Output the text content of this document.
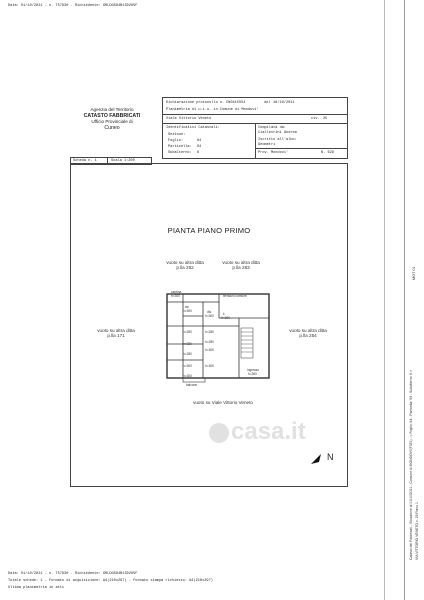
Data: 01/10/2021 - n. T57930 - Richiedente: GRLDGS84B13D205F
Catasto dei Fabbricati - Situazione al 01/10/2021 - Comune di MONDOVI'(F351) - < Foglio: 64 - Particella: 94 - Subalterno: 6 > VIA VITTORIO VENETO n. 25 Piano 1
MOT 01
Agenzia del Territorio
CATASTO FABBRICATI
Ufficio Provinciale di
Cuneo
Dichiarazione protocollo n. CN0415554	del 18/10/2011
Planimetria di u.i.u. in Comune di Mondovi'
Viale Vittorio Veneto	civ. 25
Identificativi Catastali:
Sezione:
Foglio:	64
Particella: 94
Subalterno: 6
Compilata da:
Ciallevrini Andrea
Iscritto all'albo:
Geometri
Prov. Mondovi'	N. 629
Scheda n. 1	Scala 1:200
PIANTA PIANO PRIMO
vuoto su altra ditta
p.lla 282
vuoto su altra ditta
p.lla 283
vuoto su altra ditta
p.lla 171
vuoto su altra ditta
p.lla 254
vuoto su Viale Vittorio Veneto
cantina
h=300	terrazzo comune
wc
h=300	dis.
h=300	k
h=300
h=280	h=280
h=280	h=280
h=300
h=280
h=300	h=300
h=300
ingresso
h=300
balcone
casa.it
N
Data: 01/10/2021 - n. T57930 - Richiedente: GRLDGS84B13D205F
Totale schede: 1 - Formato di acquisizione: A4(210x297) - Formato stampa richiesto: A4(210x297)
Ultima planimetria in atti
